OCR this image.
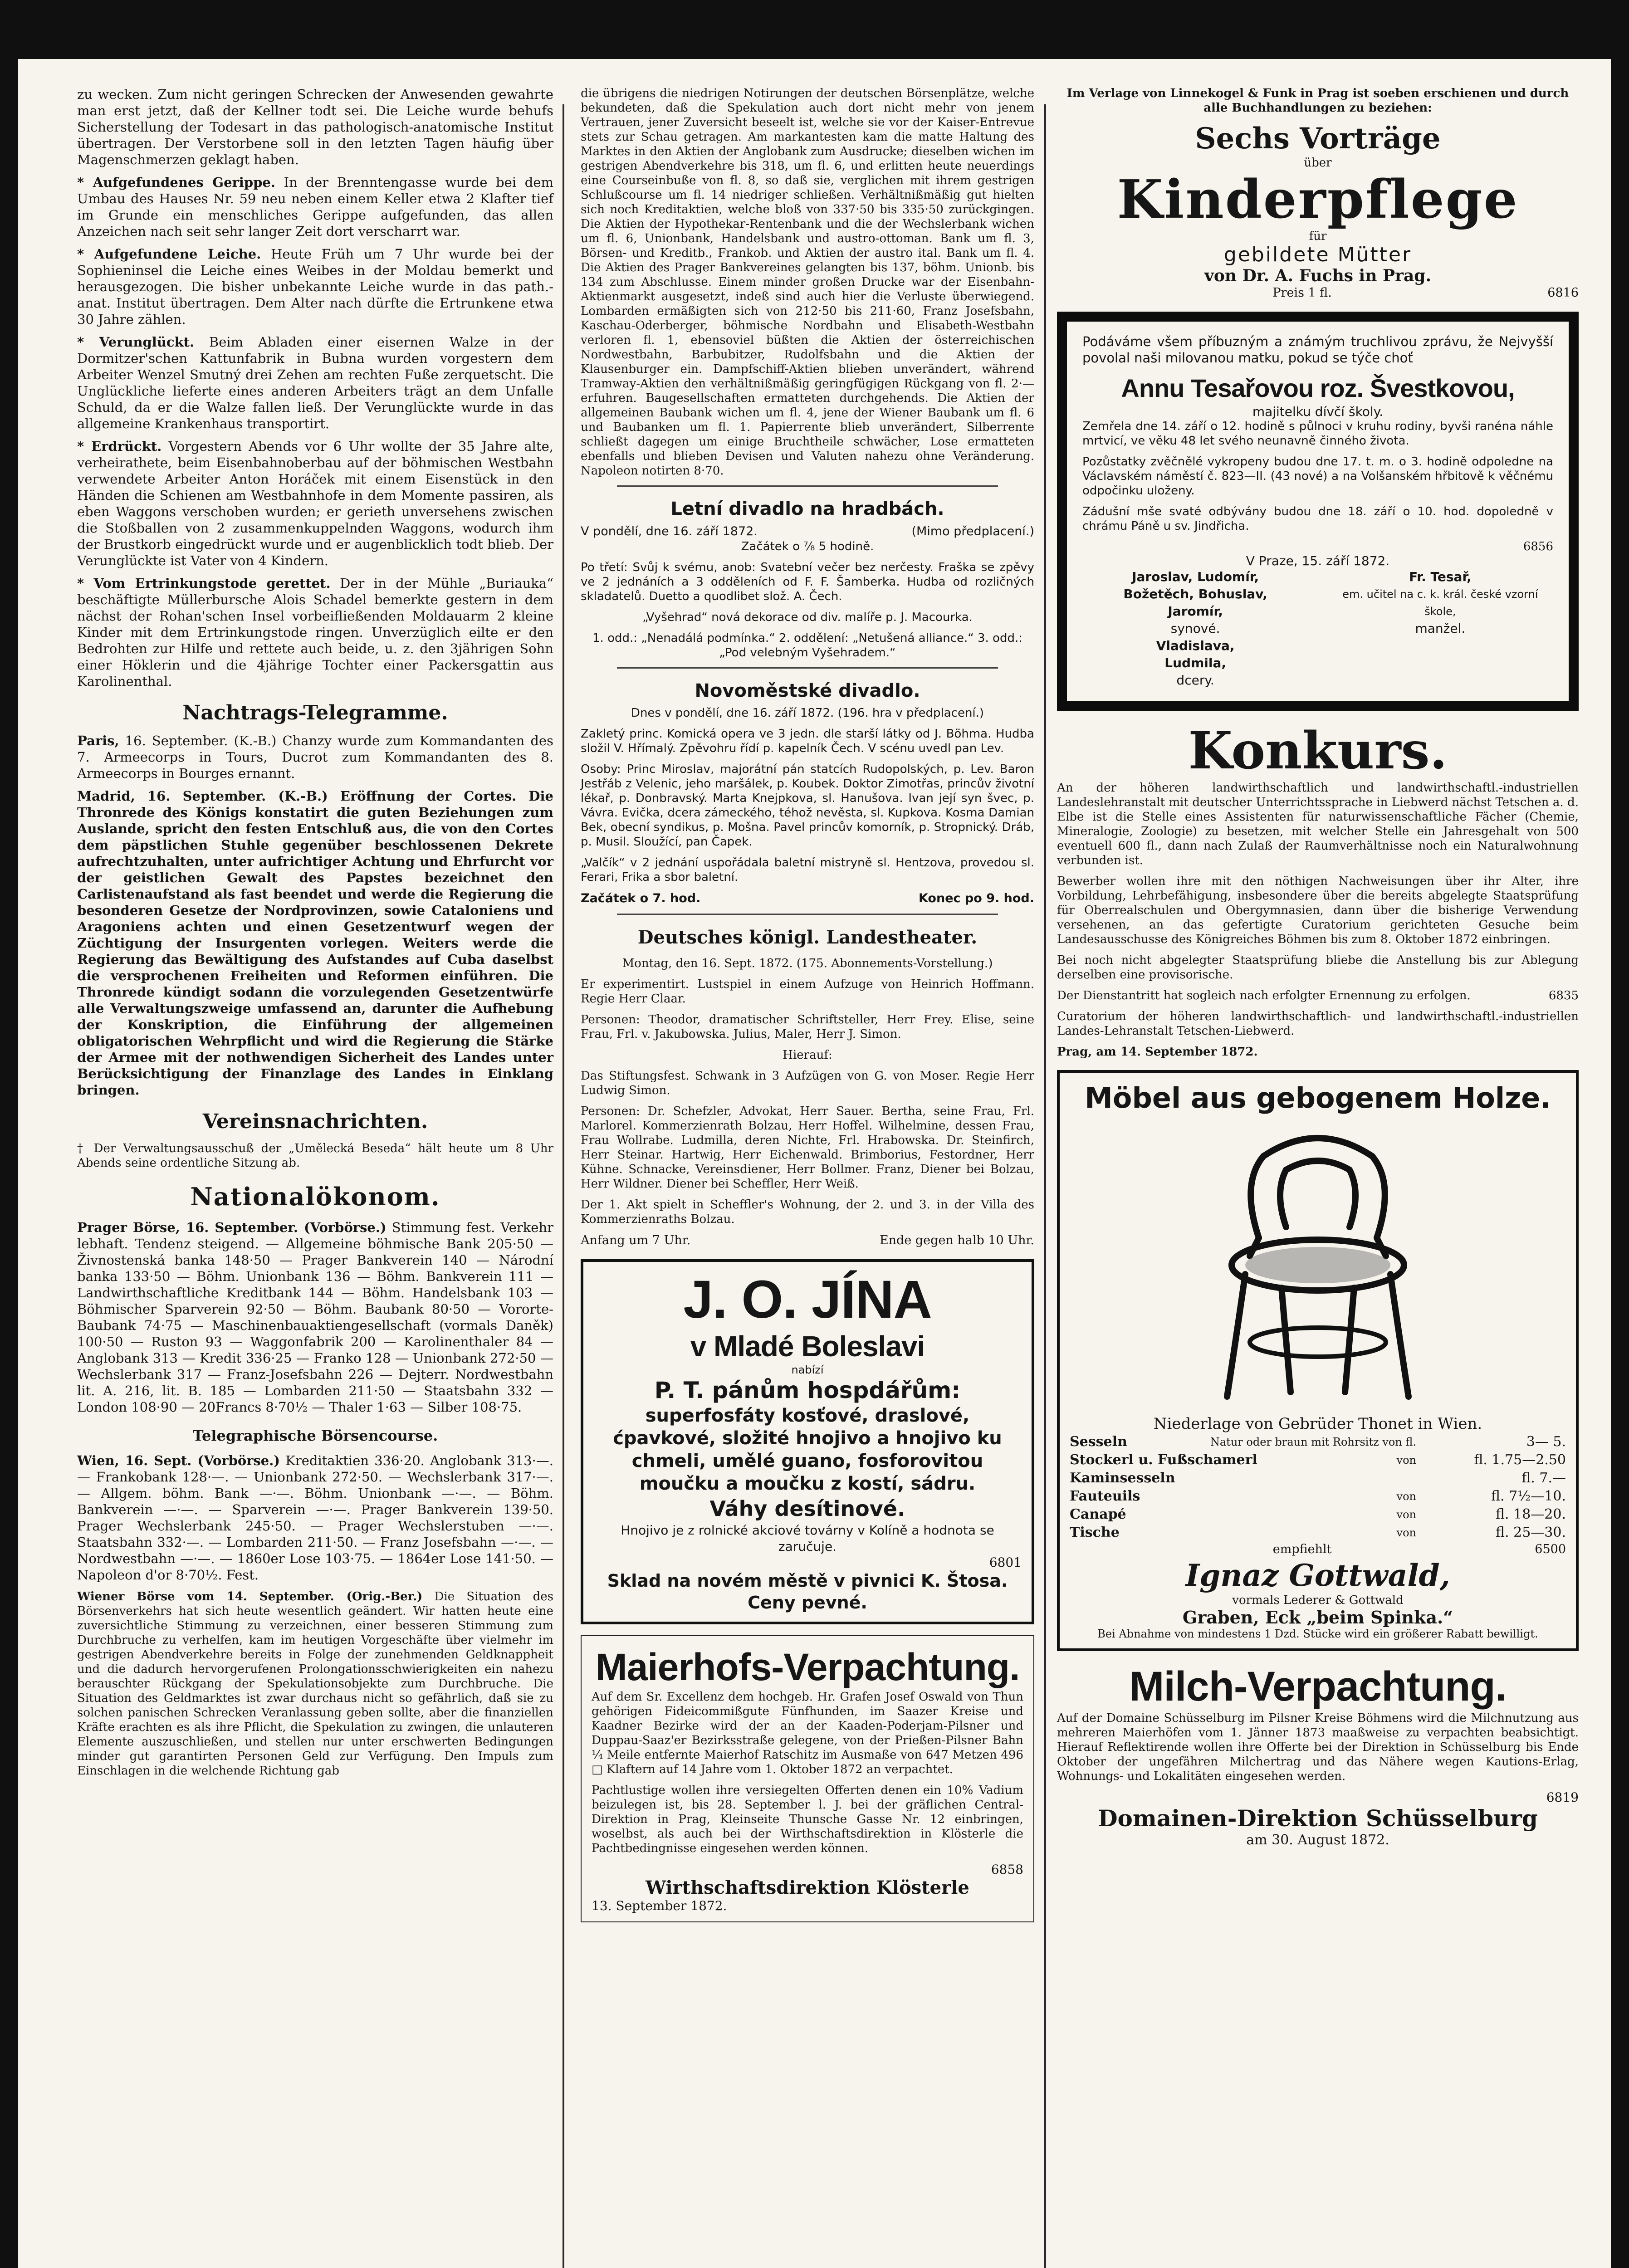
zu wecken. Zum nicht geringen Schrecken der Anwesenden gewahrte man erst jetzt, daß der Kellner todt sei. Die Leiche wurde behufs Sicherstellung der Todesart in das pathologisch-anatomische Institut übertragen. Der Verstorbene soll in den letzten Tagen häufig über Magenschmerzen geklagt haben.

* Aufgefundenes Gerippe. In der Brenntengasse wurde bei dem Umbau des Hauses Nr. 59 neu neben einem Keller etwa 2 Klafter tief im Grunde ein menschliches Gerippe aufgefunden, das allen Anzeichen nach seit sehr langer Zeit dort verscharrt war.

* Aufgefundene Leiche. Heute Früh um 7 Uhr wurde bei der Sophieninsel die Leiche eines Weibes in der Moldau bemerkt und herausgezogen. Die bisher unbekannte Leiche wurde in das path.-anat. Institut übertragen. Dem Alter nach dürfte die Ertrunkene etwa 30 Jahre zählen.

* Verunglückt. Beim Abladen einer eisernen Walze in der Dormitzer'schen Kattunfabrik in Bubna wurden vorgestern dem Arbeiter Wenzel Smutný drei Zehen am rechten Fuße zerquetscht. Die Unglückliche lieferte eines anderen Arbeiters trägt an dem Unfalle Schuld, da er die Walze fallen ließ. Der Verunglückte wurde in das allgemeine Krankenhaus transportirt.

* Erdrückt. Vorgestern Abends vor 6 Uhr wollte der 35 Jahre alte, verheirathete, beim Eisenbahnoberbau auf der böhmischen Westbahn verwendete Arbeiter Anton Horáček mit einem Eisenstück in den Händen die Schienen am Westbahnhofe in dem Momente passiren, als eben Waggons verschoben wurden; er gerieth unversehens zwischen die Stoßballen von 2 zusammenkuppelnden Waggons, wodurch ihm der Brustkorb eingedrückt wurde und er augenblicklich todt blieb. Der Verunglückte ist Vater von 4 Kindern.

* Vom Ertrinkungstode gerettet. Der in der Mühle „Buriauka“ beschäftigte Müllerbursche Alois Schadel bemerkte gestern in dem nächst der Rohan'schen Insel vorbeifließenden Moldauarm 2 kleine Kinder mit dem Ertrinkungstode ringen. Unverzüglich eilte er den Bedrohten zur Hilfe und rettete auch beide, u. z. den 3jährigen Sohn einer Höklerin und die 4jährige Tochter einer Packersgattin aus Karolinenthal.

Nachtrags-Telegramme.

Paris, 16. September. (K.-B.) Chanzy wurde zum Kommandanten des 7. Armeecorps in Tours, Ducrot zum Kommandanten des 8. Armeecorps in Bourges ernannt.

Madrid, 16. September. (K.-B.) Eröffnung der Cortes. Die Thronrede des Königs konstatirt die guten Beziehungen zum Auslande, spricht den festen Entschluß aus, die von den Cortes dem päpstlichen Stuhle gegenüber beschlossenen Dekrete aufrechtzuhalten, unter aufrichtiger Achtung und Ehrfurcht vor der geistlichen Gewalt des Papstes bezeichnet den Carlistenaufstand als fast beendet und werde die Regierung die besonderen Gesetze der Nordprovinzen, sowie Cataloniens und Aragoniens achten und einen Gesetzentwurf wegen der Züchtigung der Insurgenten vorlegen. Weiters werde die Regierung das Bewältigung des Aufstandes auf Cuba daselbst die versprochenen Freiheiten und Reformen einführen. Die Thronrede kündigt sodann die vorzulegenden Gesetzentwürfe alle Verwaltungszweige umfassend an, darunter die Aufhebung der Konskription, die Einführung der allgemeinen obligatorischen Wehrpflicht und wird die Regierung die Stärke der Armee mit der nothwendigen Sicherheit des Landes unter Berücksichtigung der Finanzlage des Landes in Einklang bringen.

Vereinsnachrichten.

† Der Verwaltungsausschuß der „Umělecká Beseda“ hält heute um 8 Uhr Abends seine ordentliche Sitzung ab.

Nationalökonom.

Prager Börse, 16. September. (Vorbörse.) Stimmung fest. Verkehr lebhaft. Tendenz steigend. — Allgemeine böhmische Bank 205·50 — Živnostenská banka 148·50 — Prager Bankverein 140 — Národní banka 133·50 — Böhm. Unionbank 136 — Böhm. Bankverein 111 — Landwirthschaftliche Kreditbank 144 — Böhm. Handelsbank 103 — Böhmischer Sparverein 92·50 — Böhm. Baubank 80·50 — Vororte-Baubank 74·75 — Maschinenbauaktiengesellschaft (vormals Daněk) 100·50 — Ruston 93 — Waggonfabrik 200 — Karolinenthaler 84 — Anglobank 313 — Kredit 336·25 — Franko 128 — Unionbank 272·50 — Wechslerbank 317 — Franz-Josefsbahn 226 — Dejterr. Nordwestbahn lit. A. 216, lit. B. 185 — Lombarden 211·50 — Staatsbahn 332 — London 108·90 — 20Francs 8·70½ — Thaler 1·63 — Silber 108·75.

Telegraphische Börsencourse.

Wien, 16. Sept. (Vorbörse.) Kreditaktien 336·20. Anglobank 313·—. — Frankobank 128·—. — Unionbank 272·50. — Wechslerbank 317·—. — Allgem. böhm. Bank —·—. Böhm. Unionbank —·—. — Böhm. Bankverein —·—. — Sparverein —·—. Prager Bankverein 139·50. Prager Wechslerbank 245·50. — Prager Wechslerstuben —·—. Staatsbahn 332·—. — Lombarden 211·50. — Franz Josefsbahn —·—. — Nordwestbahn —·—. — 1860er Lose 103·75. — 1864er Lose 141·50. — Napoleon d'or 8·70½. Fest.

Wiener Börse vom 14. September. (Orig.-Ber.) Die Situation des Börsenverkehrs hat sich heute wesentlich geändert. Wir hatten heute eine zuversichtliche Stimmung zu verzeichnen, einer besseren Stimmung zum Durchbruche zu verhelfen, kam im heutigen Vorgeschäfte über vielmehr im gestrigen Abendverkehre bereits in Folge der zunehmenden Geldknappheit und die dadurch hervorgerufenen Prolongationsschwierigkeiten ein nahezu berauschter Rückgang der Spekulationsobjekte zum Durchbruche. Die Situation des Geldmarktes ist zwar durchaus nicht so gefährlich, daß sie zu solchen panischen Schrecken Veranlassung geben sollte, aber die finanziellen Kräfte erachten es als ihre Pflicht, die Spekulation zu zwingen, die unlauteren Elemente auszuschließen, und stellen nur unter erschwerten Bedingungen minder gut garantirten Personen Geld zur Verfügung. Den Impuls zum Einschlagen in die welchende Richtung gab

die übrigens die niedrigen Notirungen der deutschen Börsenplätze, welche bekundeten, daß die Spekulation auch dort nicht mehr von jenem Vertrauen, jener Zuversicht beseelt ist, welche sie vor der Kaiser-Entrevue stets zur Schau getragen. Am markantesten kam die matte Haltung des Marktes in den Aktien der Anglobank zum Ausdrucke; dieselben wichen im gestrigen Abendverkehre bis 318, um fl. 6, und erlitten heute neuerdings eine Courseinbuße von fl. 8, so daß sie, verglichen mit ihrem gestrigen Schlußcourse um fl. 14 niedriger schließen. Verhältnißmäßig gut hielten sich noch Kreditaktien, welche bloß von 337·50 bis 335·50 zurückgingen. Die Aktien der Hypothekar-Rentenbank und die der Wechslerbank wichen um fl. 6, Unionbank, Handelsbank und austro-ottoman. Bank um fl. 3, Börsen- und Kreditb., Frankob. und Aktien der austro ital. Bank um fl. 4. Die Aktien des Prager Bankvereines gelangten bis 137, böhm. Unionb. bis 134 zum Abschlusse. Einem minder großen Drucke war der Eisenbahn-Aktienmarkt ausgesetzt, indeß sind auch hier die Verluste überwiegend. Lombarden ermäßigten sich von 212·50 bis 211·60, Franz Josefsbahn, Kaschau-Oderberger, böhmische Nordbahn und Elisabeth-Westbahn verloren fl. 1, ebensoviel büßten die Aktien der österreichischen Nordwestbahn, Barbubitzer, Rudolfsbahn und die Aktien der Klausenburger ein. Dampfschiff-Aktien blieben unverändert, während Tramway-Aktien den verhältnißmäßig geringfügigen Rückgang von fl. 2·— erfuhren. Baugesellschaften ermatteten durchgehends. Die Aktien der allgemeinen Baubank wichen um fl. 4, jene der Wiener Baubank um fl. 6 und Baubanken um fl. 1. Papierrente blieb unverändert, Silberrente schließt dagegen um einige Bruchtheile schwächer, Lose ermatteten ebenfalls und blieben Devisen und Valuten nahezu ohne Veränderung. Napoleon notirten 8·70.

Letní divadlo na hradbách.
V pondělí, dne 16. září 1872.	(Mimo předplacení.)

Začátek o ⅞ 5 hodině.

Po třetí: Svůj k svému, anob: Svatební večer bez nerčesty. Fraška se zpěvy ve 2 jednáních a 3 odděleních od F. F. Šamberka. Hudba od rozličných skladatelů. Duetto a quodlibet slož. A. Čech.

„Vyšehrad“ nová dekorace od div. malíře p. J. Macourka.

1. odd.: „Nenadálá podmínka.“ 2. oddělení: „Netušená alliance.“ 3. odd.: „Pod velebným Vyšehradem.“

Novoměstské divadlo.

Dnes v pondělí, dne 16. září 1872. (196. hra v předplacení.)

Zakletý princ. Komická opera ve 3 jedn. dle starší látky od J. Böhma. Hudba složil V. Hřímalý. Zpěvohru řídí p. kapelník Čech. V scénu uvedl pan Lev.

Osoby: Princ Miroslav, majorátní pán statcích Rudopolských, p. Lev. Baron Jestřáb z Velenic, jeho maršálek, p. Koubek. Doktor Zimotřas, princův životní lékař, p. Donbravský. Marta Knejpkova, sl. Hanušova. Ivan její syn švec, p. Vávra. Evička, dcera zámeckého, téhož nevěsta, sl. Kupkova. Kosma Damian Bek, obecní syndikus, p. Mošna. Pavel princův komorník, p. Stropnický. Dráb, p. Musil. Sloužící, pan Čapek.

„Valčík“ v 2 jednání uspořádala baletní mistryně sl. Hentzova, provedou sl. Ferari, Frika a sbor baletní.

Začátek o 7. hod.	Konec po 9. hod.
Deutsches königl. Landestheater.

Montag, den 16. Sept. 1872. (175. Abonnements-Vorstellung.)

Er experimentirt. Lustspiel in einem Aufzuge von Heinrich Hoffmann. Regie Herr Claar.

Personen: Theodor, dramatischer Schriftsteller, Herr Frey. Elise, seine Frau, Frl. v. Jakubowska. Julius, Maler, Herr J. Simon.

Hierauf:

Das Stiftungsfest. Schwank in 3 Aufzügen von G. von Moser. Regie Herr Ludwig Simon.

Personen: Dr. Schefzler, Advokat, Herr Sauer. Bertha, seine Frau, Frl. Marlorel. Kommerzienrath Bolzau, Herr Hoffel. Wilhelmine, dessen Frau, Frau Wollrabe. Ludmilla, deren Nichte, Frl. Hrabowska. Dr. Steinfirch, Herr Steinar. Hartwig, Herr Eichenwald. Brimborius, Festordner, Herr Kühne. Schnacke, Vereinsdiener, Herr Bollmer. Franz, Diener bei Bolzau, Herr Wildner. Diener bei Scheffler, Herr Weiß.

Der 1. Akt spielt in Scheffler's Wohnung, der 2. und 3. in der Villa des Kommerzienraths Bolzau.

Anfang um 7 Uhr.	Ende gegen halb 10 Uhr.
J. O. JÍNA
v Mladé Boleslavi
nabízí
P. T. pánům hospdářům:
superfosfáty kosťové, draslové, ćpavkové, složité hnojivo a hnojivo ku chmeli, umělé guano, fosforovitou moučku a moučku z kostí, sádru.
Váhy desítinové.
Hnojivo je z rolnické akciové továrny v Kolíně a hodnota se zaručuje.
6801
Sklad na novém městě v pivnici K. Štosa.
Ceny pevné.
Maierhofs-Verpachtung.

Auf dem Sr. Excellenz dem hochgeb. Hr. Grafen Josef Oswald von Thun gehörigen Fideicommißgute Fünfhunden, im Saazer Kreise und Kaadner Bezirke wird der an der Kaaden-Poderjam-Pilsner und Duppau-Saaz'er Bezirksstraße gelegene, von der Prießen-Pilsner Bahn ¼ Meile entfernte Maierhof Ratschitz im Ausmaße von 647 Metzen 496 □ Klaftern auf 14 Jahre vom 1. Oktober 1872 an verpachtet.

Pachtlustige wollen ihre versiegelten Offerten denen ein 10% Vadium beizulegen ist, bis 28. September l. J. bei der gräflichen Central-Direktion in Prag, Kleinseite Thunsche Gasse Nr. 12 einbringen, woselbst, als auch bei der Wirthschaftsdirektion in Klösterle die Pachtbedingnisse eingesehen werden können.

6858
Wirthschaftsdirektion Klösterle
13. September 1872.

Im Verlage von Linnekogel & Funk in Prag ist soeben erschienen und durch alle Buchhandlungen zu beziehen:

Sechs Vorträge
über
Kinderpflege
für
gebildete Mütter
von Dr. A. Fuchs in Prag.
Preis 1 fl.	6816

Podáváme všem příbuzným a známým truchlivou zprávu, že Nejvyšší povolal naši milovanou matku, pokud se týče choť

Annu Tesařovou roz. Švestkovou,
majitelku dívčí školy.

Zemřela dne 14. září o 12. hodině s půlnoci v kruhu rodiny, byvši ranéna náhle mrtvicí, ve věku 48 let svého neunavně činného života.

Pozůstatky zvěčnělé vykropeny budou dne 17. t. m. o 3. hodině odpoledne na Václavském náměstí č. 823—II. (43 nové) a na Volšanském hřbitově k věčnému odpočinku uloženy.

Zádušní mše svaté odbývány budou dne 18. září o 10. hod. dopoledně v chrámu Páně u sv. Jindřicha.

6856
V Praze, 15. září 1872.
Jaroslav, Ludomír,
Božetěch, Bohuslav,
Jaromír,
synové.
Vladislava,
Ludmila,
dcery.
Fr. Tesař,
em. učitel na c. k. král. české vzorní škole,
manžel.
Konkurs.

An der höheren landwirthschaftlich und landwirthschaftl.-industriellen Landeslehranstalt mit deutscher Unterrichtssprache in Liebwerd nächst Tetschen a. d. Elbe ist die Stelle eines Assistenten für naturwissenschaftliche Fächer (Chemie, Mineralogie, Zoologie) zu besetzen, mit welcher Stelle ein Jahresgehalt von 500 eventuell 600 fl., dann nach Zulaß der Raumverhältnisse noch ein Naturalwohnung verbunden ist.

Bewerber wollen ihre mit den nöthigen Nachweisungen über ihr Alter, ihre Vorbildung, Lehrbefähigung, insbesondere über die bereits abgelegte Staatsprüfung für Oberrealschulen und Obergymnasien, dann über die bisherige Verwendung versehenen, an das gefertigte Curatorium gerichteten Gesuche beim Landesausschusse des Königreiches Böhmen bis zum 8. Oktober 1872 einbringen.

Bei noch nicht abgelegter Staatsprüfung bliebe die Anstellung bis zur Ablegung derselben eine provisorische.

Der Dienstantritt hat sogleich nach erfolgter Ernennung zu erfolgen.	6835

Curatorium der höheren landwirthschaftlich- und landwirthschaftl.-industriellen Landes-Lehranstalt Tetschen-Liebwerd.

Prag, am 14. September 1872.

Möbel aus gebogenem Holze.
Niederlage von Gebrüder Thonet in Wien.
Sesseln	Natur oder braun mit Rohrsitz von fl.	3— 5.
Stockerl u. Fußschamerl	von	fl. 1.75—2.50
Kaminsesseln	fl. 7.—
Fauteuils	von	fl. 7½—10.
Canapé	von	fl. 18—20.
Tische	von	fl. 25—30.
empfiehlt	6500
Ignaz Gottwald,
vormals Lederer & Gottwald
Graben, Eck „beim Spinka.“
Bei Abnahme von mindestens 1 Dzd. Stücke wird ein größerer Rabatt bewilligt.
Milch-Verpachtung.

Auf der Domaine Schüsselburg im Pilsner Kreise Böhmens wird die Milchnutzung aus mehreren Maierhöfen vom 1. Jänner 1873 maaßweise zu verpachten beabsichtigt. Hierauf Reflektirende wollen ihre Offerte bei der Direktion in Schüsselburg bis Ende Oktober der ungefähren Milchertrag und das Nähere wegen Kautions-Erlag, Wohnungs- und Lokalitäten eingesehen werden.

6819
Domainen-Direktion Schüsselburg
am 30. August 1872.
